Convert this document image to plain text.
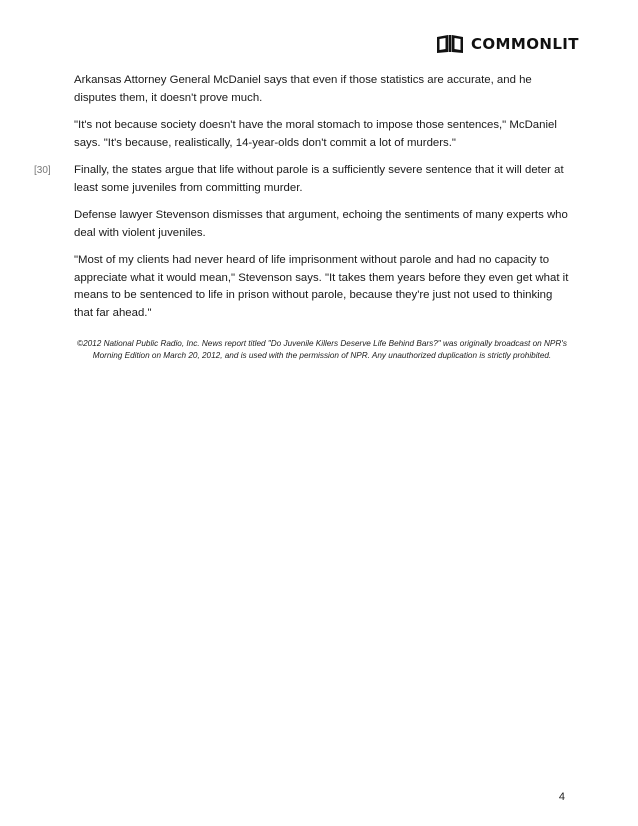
COMMONLIT

Arkansas Attorney General McDaniel says that even if those statistics are accurate, and he disputes them, it doesn't prove much.

"It's not because society doesn't have the moral stomach to impose those sentences," McDaniel says. "It's because, realistically, 14-year-olds don't commit a lot of murders."

[30] Finally, the states argue that life without parole is a sufficiently severe sentence that it will deter at least some juveniles from committing murder.

Defense lawyer Stevenson dismisses that argument, echoing the sentiments of many experts who deal with violent juveniles.

"Most of my clients had never heard of life imprisonment without parole and had no capacity to appreciate what it would mean," Stevenson says. "It takes them years before they even get what it means to be sentenced to life in prison without parole, because they're just not used to thinking that far ahead."

©2012 National Public Radio, Inc. News report titled "Do Juvenile Killers Deserve Life Behind Bars?" was originally broadcast on NPR's Morning Edition on March 20, 2012, and is used with the permission of NPR. Any unauthorized duplication is strictly prohibited.

4
